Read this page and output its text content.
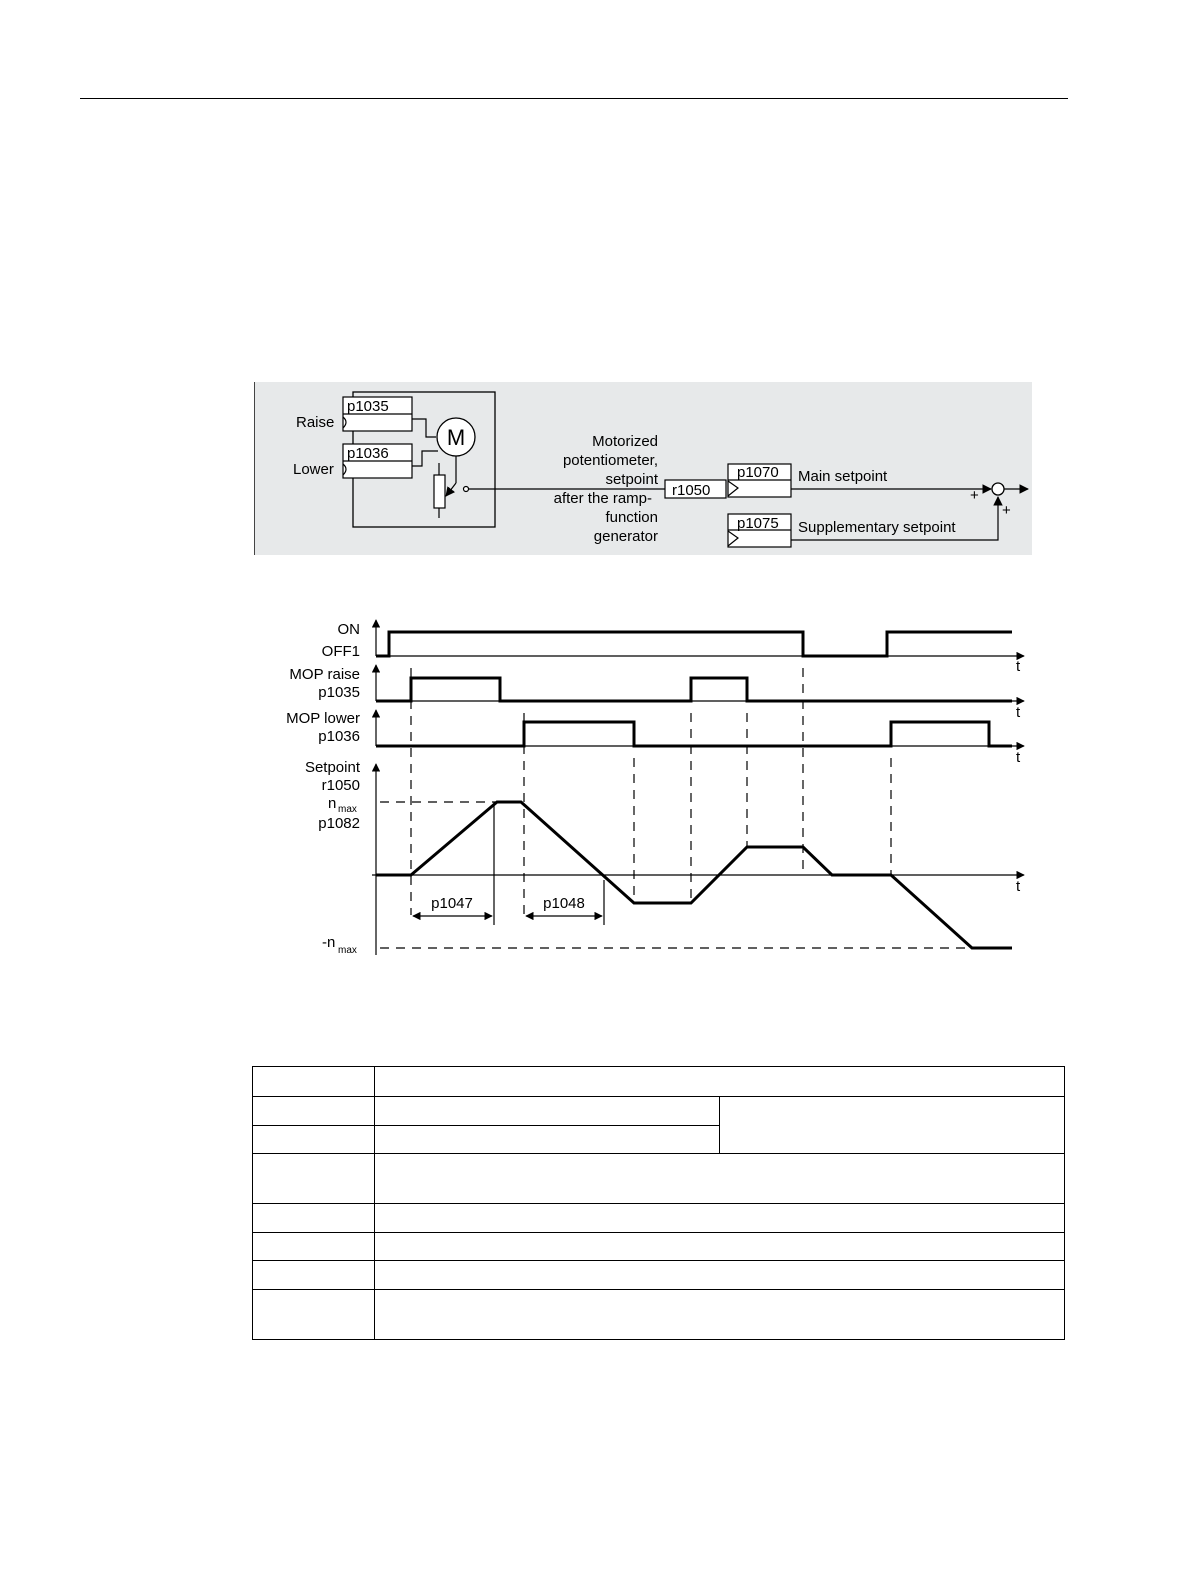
p1035
Raise
p1036
Lower
M	Motorized
potentiometer,
setpoint
after the ramp-
function
generator
r1050
p1070 Main setpoint
+
p1075 Supplementary setpoint
+
ON
OFF1
MOP raise
p1035
MOP lower
p1036
Setpoint
r1050
n max
p1082
-n max
t
t
t
t
p1047	p1048
